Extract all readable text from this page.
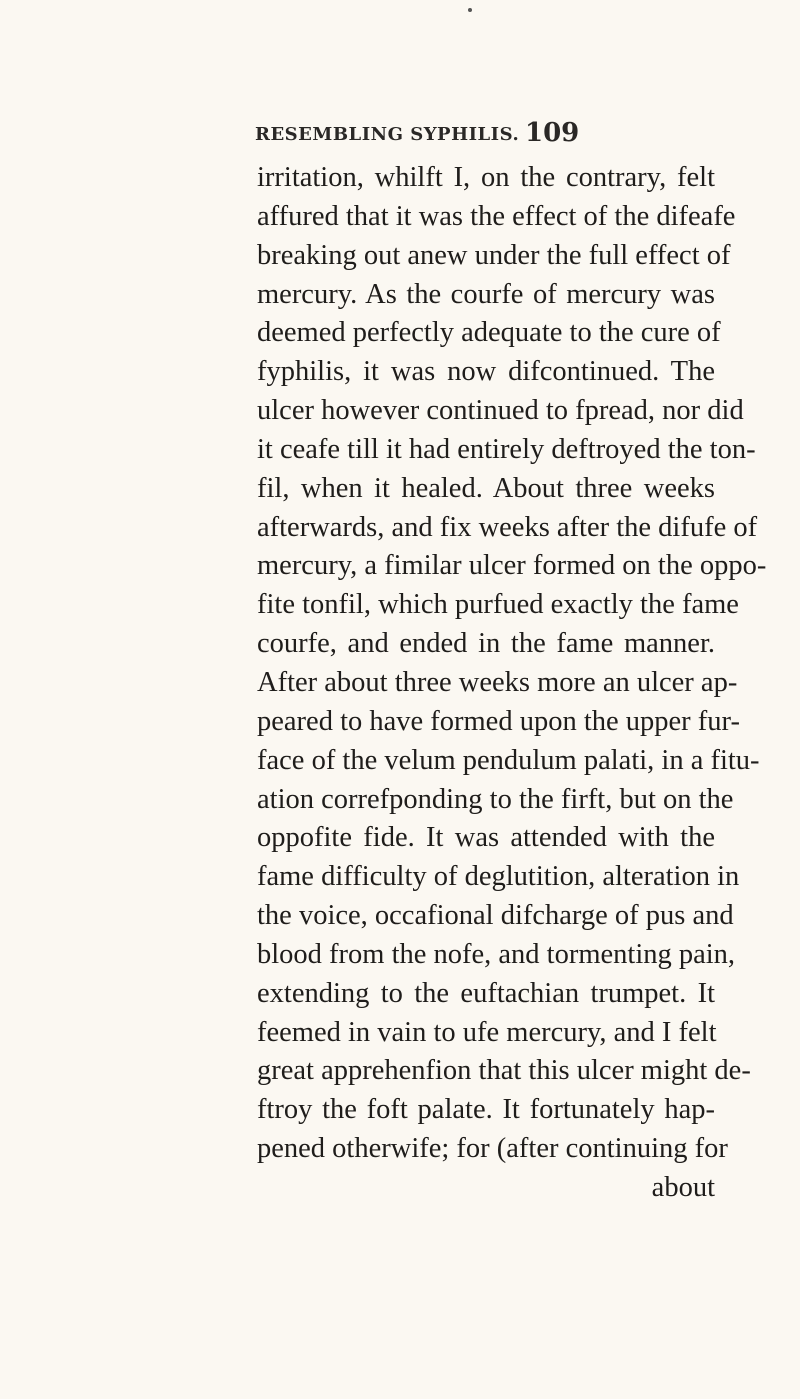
RESEMBLING SYPHILIS. 109
irritation, whilft I, on the contrary, felt
affured that it was the effect of the difeafe
breaking out anew under the full effect of
mercury. As the courfe of mercury was
deemed perfectly adequate to the cure of
fyphilis, it was now difcontinued. The
ulcer however continued to fpread, nor did
it ceafe till it had entirely deftroyed the ton-
fil, when it healed. About three weeks
afterwards, and fix weeks after the difufe of
mercury, a fimilar ulcer formed on the oppo-
fite tonfil, which purfued exactly the fame
courfe, and ended in the fame manner.
After about three weeks more an ulcer ap-
peared to have formed upon the upper fur-
face of the velum pendulum palati, in a fitu-
ation correfponding to the firft, but on the
oppofite fide. It was attended with the
fame difficulty of deglutition, alteration in
the voice, occafional difcharge of pus and
blood from the nofe, and tormenting pain,
extending to the euftachian trumpet. It
feemed in vain to ufe mercury, and I felt
great apprehenfion that this ulcer might de-
ftroy the foft palate. It fortunately hap-
pened otherwife; for (after continuing for
about
